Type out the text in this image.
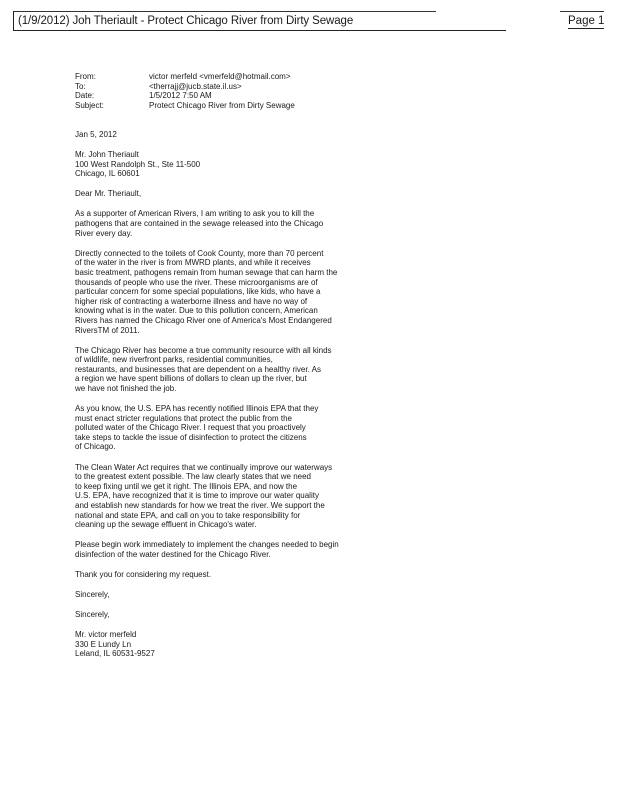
(1/9/2012) Joh Theriault - Protect Chicago River from Dirty Sewage	Page 1
From:	victor merfeld <vmerfeld@hotmail.com>
To:	<therrajj@jucb.state.il.us>
Date:	1/5/2012 7:50 AM
Subject:	Protect Chicago River from Dirty Sewage

Jan 5, 2012

Mr. John Theriault
100 West Randolph St., Ste 11-500
Chicago, IL 60601

Dear Mr. Theriault,

As a supporter of American Rivers, I am writing to ask you to kill the
pathogens that are contained in the sewage released into the Chicago
River every day.

Directly connected to the toilets of Cook County, more than 70 percent
of the water in the river is from MWRD plants, and while it receives
basic treatment, pathogens remain from human sewage that can harm the
thousands of people who use the river. These microorganisms are of
particular concern for some special populations, like kids, who have a
higher risk of contracting a waterborne illness and have no way of
knowing what is in the water. Due to this pollution concern, American
Rivers has named the Chicago River one of America's Most Endangered
RiversTM of 2011.

The Chicago River has become a true community resource with all kinds
of wildlife, new riverfront parks, residential communities,
restaurants, and businesses that are dependent on a healthy river. As
a region we have spent billions of dollars to clean up the river, but
we have not finished the job.

As you know, the U.S. EPA has recently notified Illinois EPA that they
must enact stricter regulations that protect the public from the
polluted water of the Chicago River. I request that you proactively
take steps to tackle the issue of disinfection to protect the citizens
of Chicago.

The Clean Water Act requires that we continually improve our waterways
to the greatest extent possible. The law clearly states that we need
to keep fixing until we get it right. The Illinois EPA, and now the
U.S. EPA, have recognized that it is time to improve our water quality
and establish new standards for how we treat the river. We support the
national and state EPA, and call on you to take responsibility for
cleaning up the sewage effluent in Chicago's water.

Please begin work immediately to implement the changes needed to begin
disinfection of the water destined for the Chicago River.

Thank you for considering my request.

Sincerely,

Sincerely,

Mr. victor merfeld
330 E Lundy Ln
Leland, IL 60531-9527
